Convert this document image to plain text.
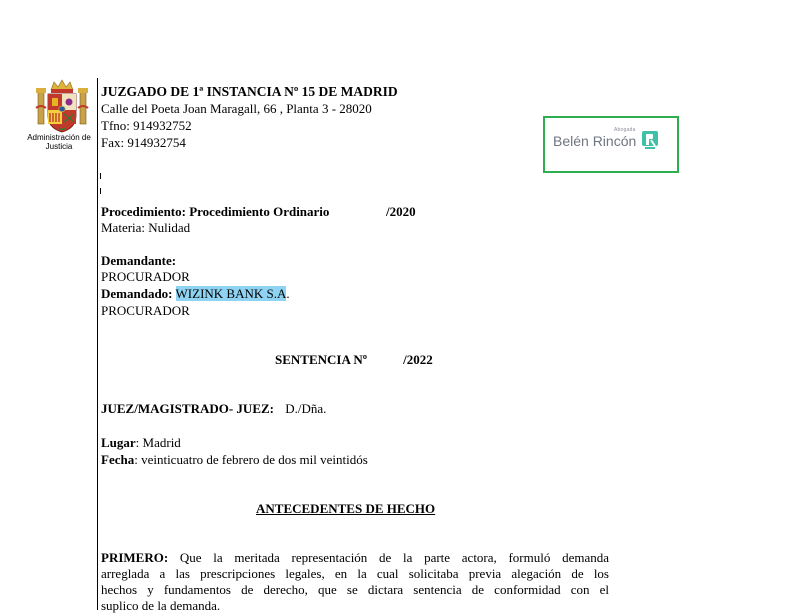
Administración de Justicia
JUZGADO DE 1ª INSTANCIA Nº 15 DE MADRID
Calle del Poeta Joan Maragall, 66 , Planta 3 - 28020
Tfno: 914932752
Fax: 914932754
Abogada
Belén Rincón
Procedimiento: Procedimiento Ordinario	/2020
Materia: Nulidad
Demandante:
PROCURADOR
Demandado: WIZINK BANK S.A.
PROCURADOR
SENTENCIA Nº	/2022
JUEZ/MAGISTRADO- JUEZ: D./Dña.
Lugar: Madrid
Fecha: veinticuatro de febrero de dos mil veintidós
ANTECEDENTES DE HECHO
PRIMERO: Que la meritada representación de la parte actora, formuló demanda
arreglada a las prescripciones legales, en la cual solicitaba previa alegación de los
hechos y fundamentos de derecho, que se dictara sentencia de conformidad con el
suplico de la demanda.
